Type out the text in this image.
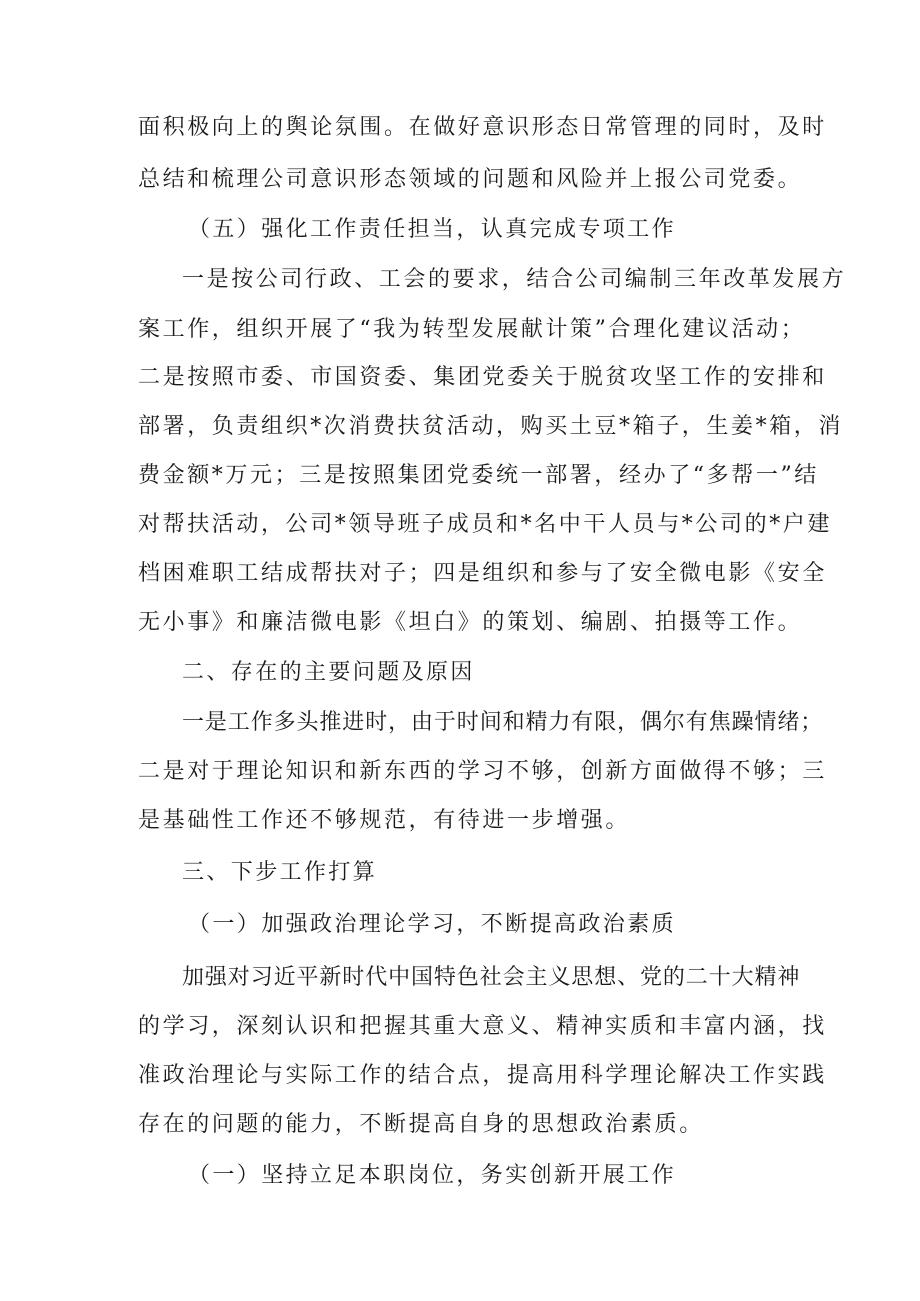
面积极向上的舆论氛围。在做好意识形态日常管理的同时，及时

总结和梳理公司意识形态领域的问题和风险并上报公司党委。

（五）强化工作责任担当，认真完成专项工作

一是按公司行政、工会的要求，结合公司编制三年改革发展方

案工作，组织开展了“我为转型发展献计策”合理化建议活动；

二是按照市委、市国资委、集团党委关于脱贫攻坚工作的安排和

部署，负责组织*次消费扶贫活动，购买土豆*箱子，生姜*箱，消

费金额*万元；三是按照集团党委统一部署，经办了“多帮一”结

对帮扶活动，公司*领导班子成员和*名中干人员与*公司的*户建

档困难职工结成帮扶对子；四是组织和参与了安全微电影《安全

无小事》和廉洁微电影《坦白》的策划、编剧、拍摄等工作。

二、存在的主要问题及原因

一是工作多头推进时，由于时间和精力有限，偶尔有焦躁情绪；

二是对于理论知识和新东西的学习不够，创新方面做得不够；三

是基础性工作还不够规范，有待进一步增强。

三、下步工作打算

（一）加强政治理论学习，不断提高政治素质

加强对习近平新时代中国特色社会主义思想、党的二十大精神

的学习，深刻认识和把握其重大意义、精神实质和丰富内涵，找

准政治理论与实际工作的结合点，提高用科学理论解决工作实践

存在的问题的能力，不断提高自身的思想政治素质。

（一）坚持立足本职岗位，务实创新开展工作
